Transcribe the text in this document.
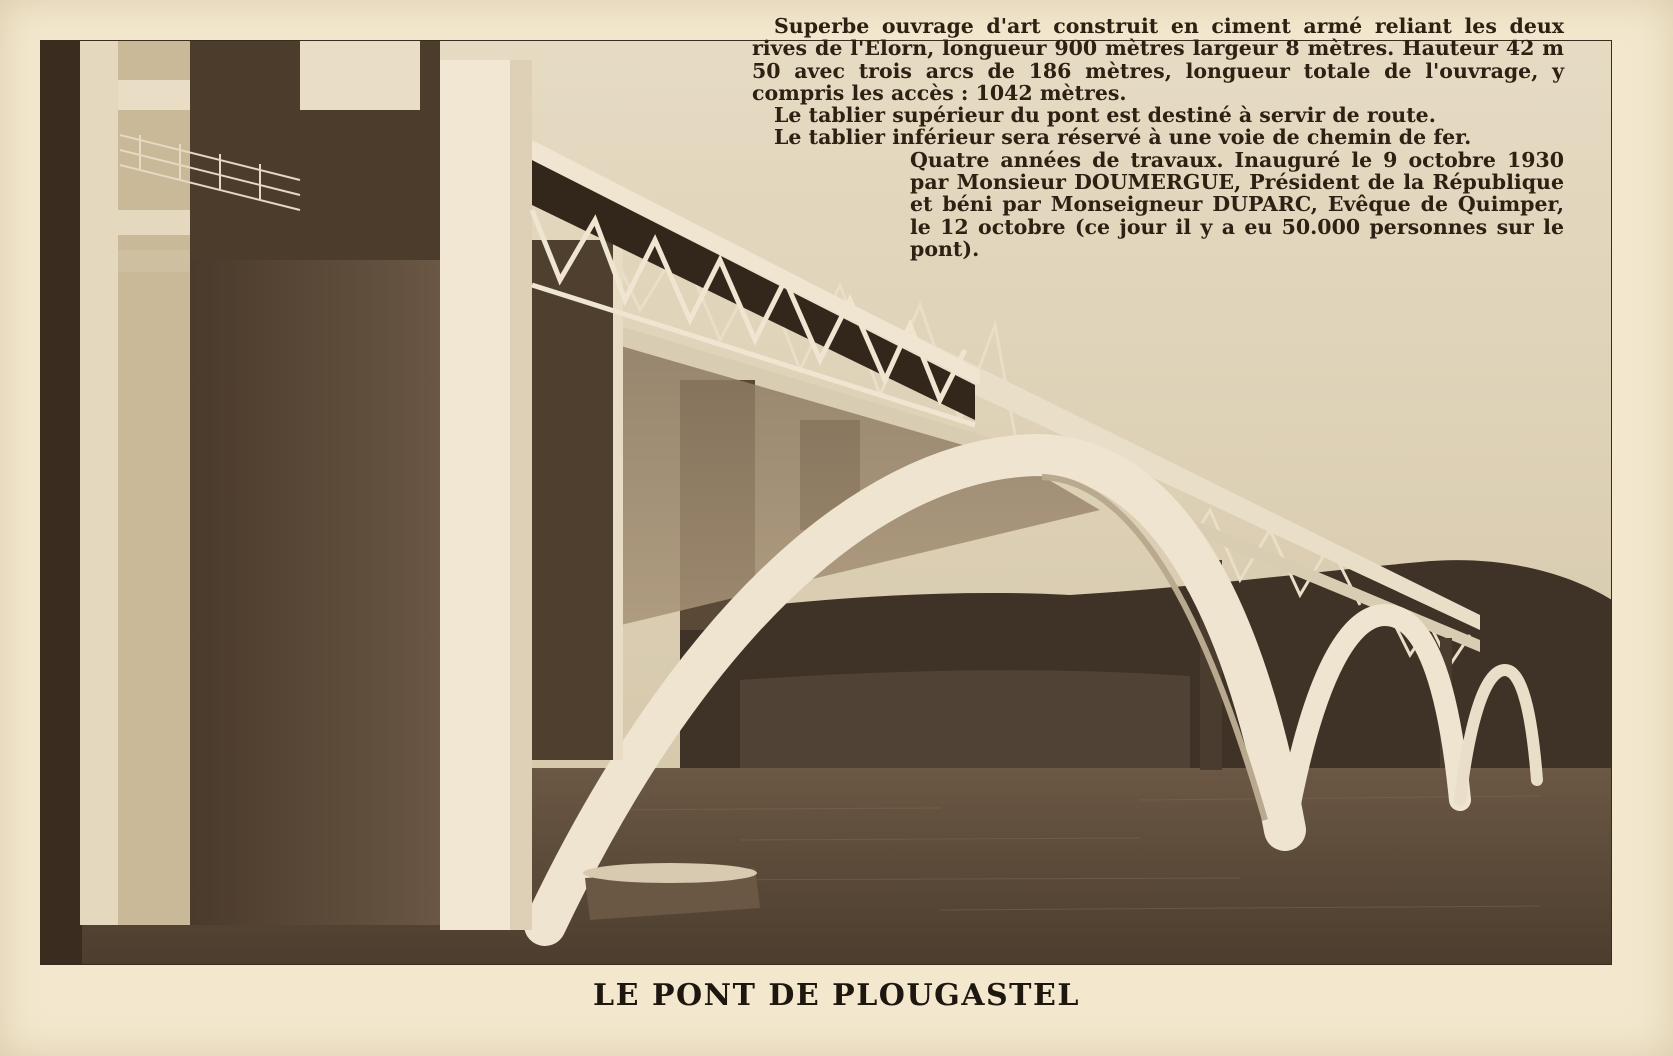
Superbe ouvrage d'art construit en ciment armé reliant les deux rives de l'Elorn, longueur 900 mètres largeur 8 mètres. Hauteur 42 m 50 avec trois arcs de 186 mètres, longueur totale de l'ouvrage, y compris les accès : 1042 mètres.

Le tablier supérieur du pont est destiné à servir de route.

Le tablier inférieur sera réservé à une voie de chemin de fer.

Quatre années de travaux. Inauguré le 9 octobre 1930 par Monsieur DOUMERGUE, Président de la République et béni par Monseigneur DUPARC, Evêque de Quimper, le 12 octobre (ce jour il y a eu 50.000 personnes sur le pont).

LE PONT DE PLOUGASTEL
